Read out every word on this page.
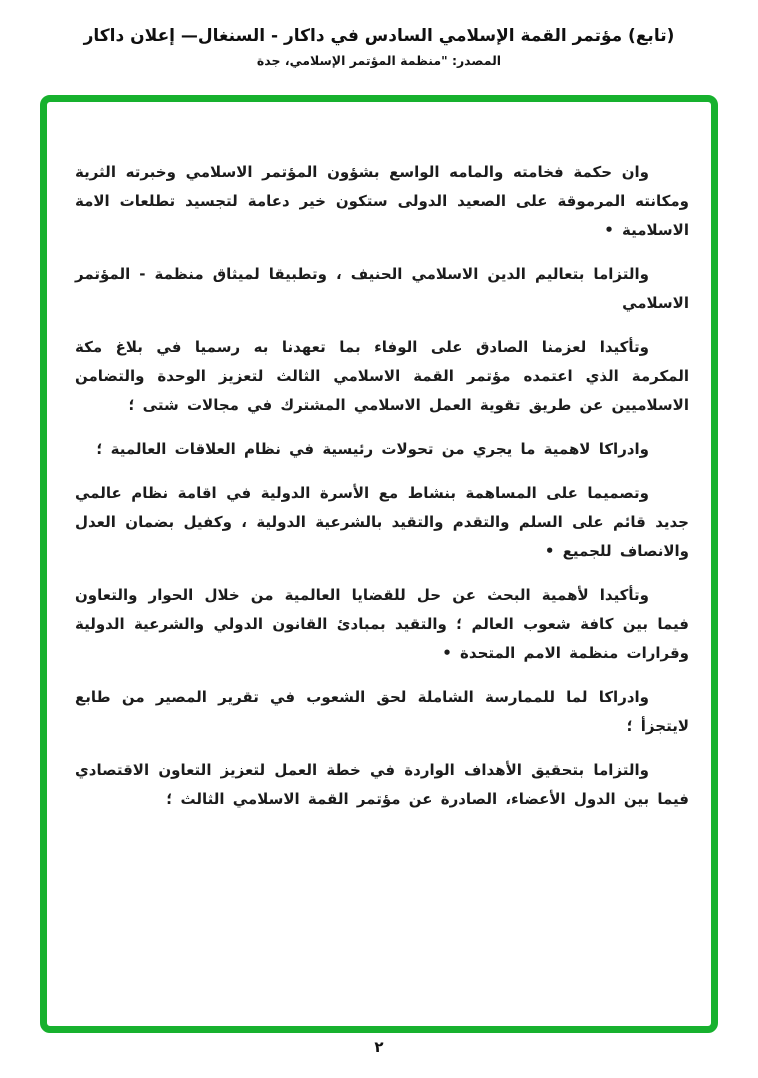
(تابع) مؤتمر القمة الإسلامي السادس في داكار - السنغال— إعلان داكار
المصدر: "منظمة المؤتمر الإسلامي، جدة

وان حكمة فخامته والمامه الواسع بشؤون المؤتمر الاسلامي وخبرته الثرية ومكانته المرموقة على الصعيد الدولى ستكون خير دعامة لتجسيد تطلعات الامة الاسلامية •

والتزاما بتعاليم الدين الاسلامي الحنيف ، وتطبيقا لميثاق منظمة - المؤتمر الاسلامي

وتأكيدا لعزمنا الصادق على الوفاء بما تعهدنا به رسميا في بلاغ مكة المكرمة الذي اعتمده مؤتمر القمة الاسلامي الثالث لتعزيز الوحدة والتضامن الاسلاميين عن طريق تقوية العمل الاسلامي المشترك في مجالات شتى ؛

وادراكا لاهمية ما يجري من تحولات رئيسية في نظام العلاقات العالمية ؛

وتصميما على المساهمة بنشاط مع الأسرة الدولية في اقامة نظام عالمي جديد قائم على السلم والتقدم والتقيد بالشرعية الدولية ، وكفيل بضمان العدل والانصاف للجميع •

وتأكيدا لأهمية البحث عن حل للقضايا العالمية من خلال الحوار والتعاون فيما بين كافة شعوب العالم ؛ والتقيد بمبادئ القانون الدولي والشرعية الدولية وقرارات منظمة الامم المتحدة •

وادراكا لما للممارسة الشاملة لحق الشعوب في تقرير المصير من طابع لايتجزأ ؛

والتزاما بتحقيق الأهداف الواردة في خطة العمل لتعزيز التعاون الاقتصادي فيما بين الدول الأعضاء، الصادرة عن مؤتمر القمة الاسلامي الثالث ؛

٢
